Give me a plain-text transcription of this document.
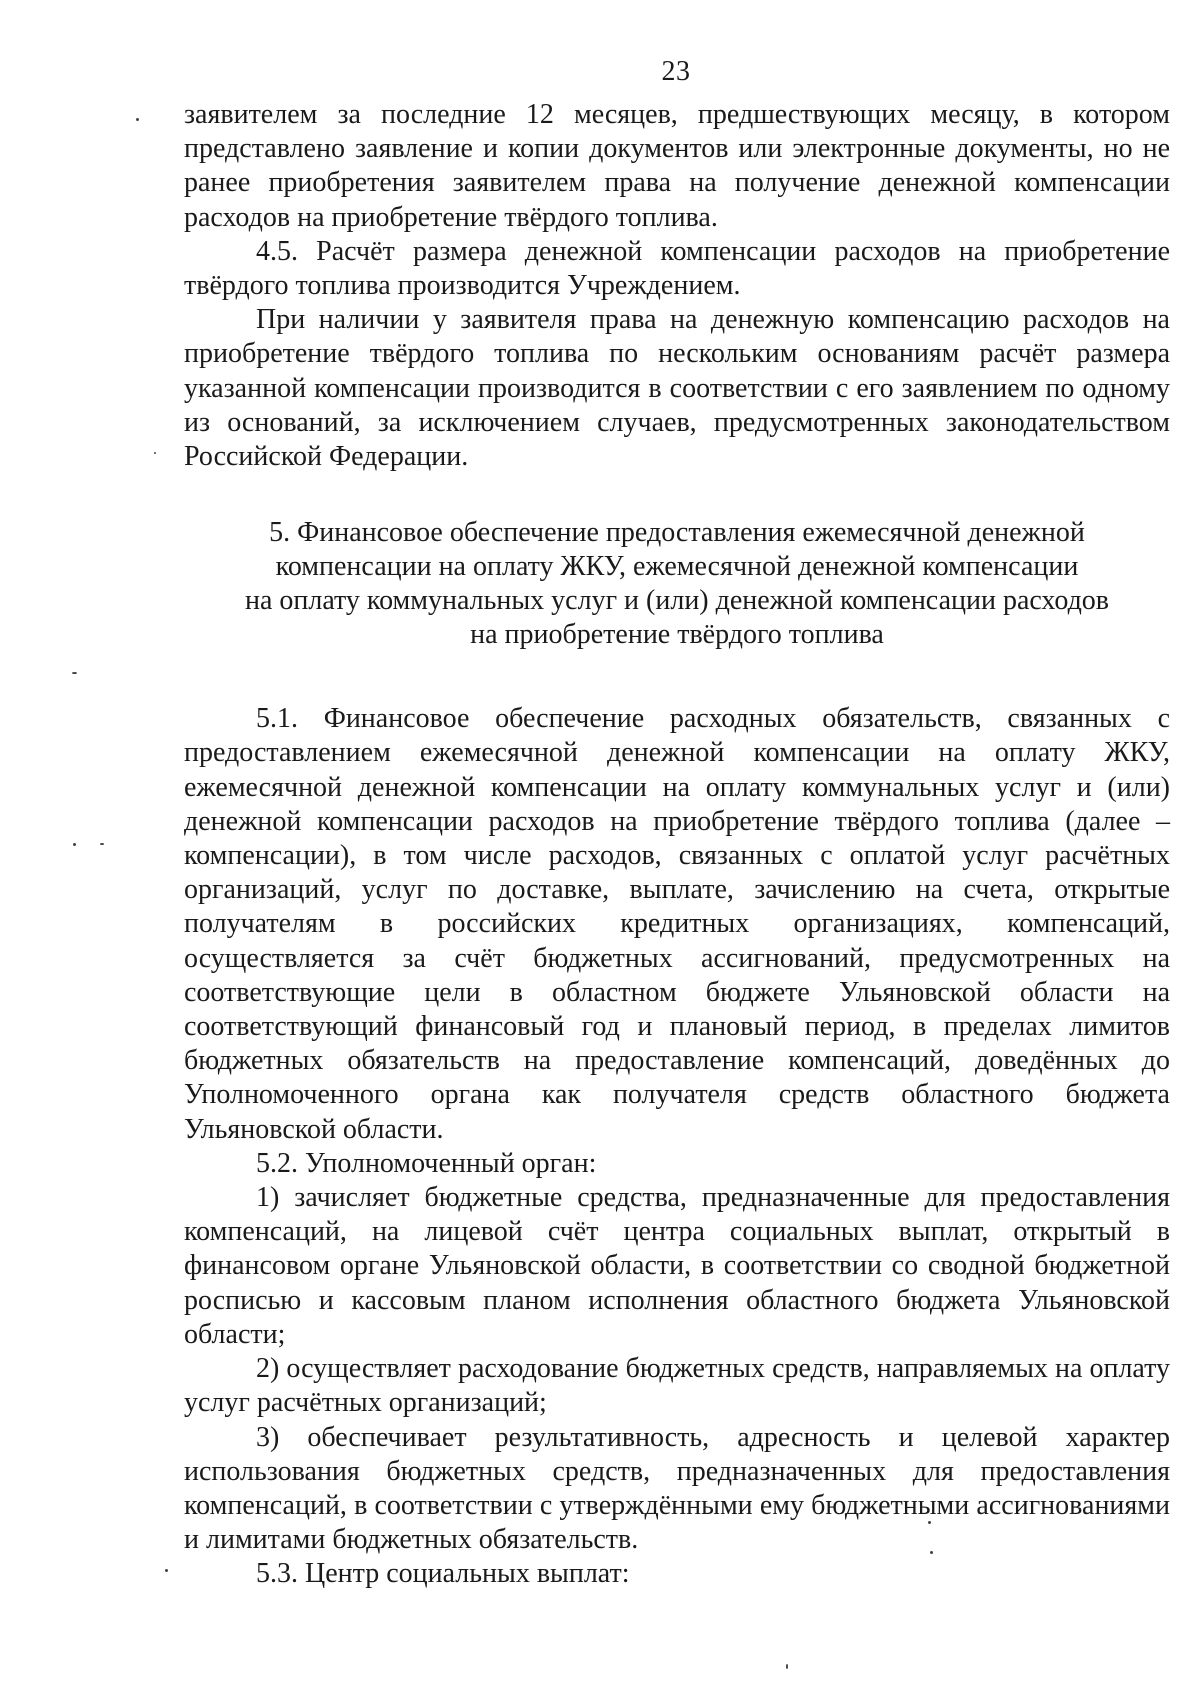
23

заявителем за последние 12 месяцев, предшествующих месяцу, в котором представлено заявление и копии документов или электронные документы, но не ранее приобретения заявителем права на получение денежной компенсации расходов на приобретение твёрдого топлива.

4.5. Расчёт размера денежной компенсации расходов на приобретение твёрдого топлива производится Учреждением.

При наличии у заявителя права на денежную компенсацию расходов на приобретение твёрдого топлива по нескольким основаниям расчёт размера указанной компенсации производится в соответствии с его заявлением по одному из оснований, за исключением случаев, предусмотренных законодательством Российской Федерации.

5. Финансовое обеспечение предоставления ежемесячной денежной
компенсации на оплату ЖКУ, ежемесячной денежной компенсации
на оплату коммунальных услуг и (или) денежной компенсации расходов
на приобретение твёрдого топлива

5.1. Финансовое обеспечение расходных обязательств, связанных с предоставлением ежемесячной денежной компенсации на оплату ЖКУ, ежемесячной денежной компенсации на оплату коммунальных услуг и (или) денежной компенсации расходов на приобретение твёрдого топлива (далее – компенсации), в том числе расходов, связанных с оплатой услуг расчётных организаций, услуг по доставке, выплате, зачислению на счета, открытые получателям в российских кредитных организациях, компенсаций, осуществляется за счёт бюджетных ассигнований, предусмотренных на соответствующие цели в областном бюджете Ульяновской области на соответствующий финансовый год и плановый период, в пределах лимитов бюджетных обязательств на предоставление компенсаций, доведённых до Уполномоченного органа как получателя средств областного бюджета Ульяновской области.

5.2. Уполномоченный орган:

1) зачисляет бюджетные средства, предназначенные для предоставления компенсаций, на лицевой счёт центра социальных выплат, открытый в финансовом органе Ульяновской области, в соответствии со сводной бюджетной росписью и кассовым планом исполнения областного бюджета Ульяновской области;

2) осуществляет расходование бюджетных средств, направляемых на оплату услуг расчётных организаций;

3) обеспечивает результативность, адресность и целевой характер использования бюджетных средств, предназначенных для предоставления компенсаций, в соответствии с утверждёнными ему бюджетными ассигнованиями и лимитами бюджетных обязательств.

5.3. Центр социальных выплат:
